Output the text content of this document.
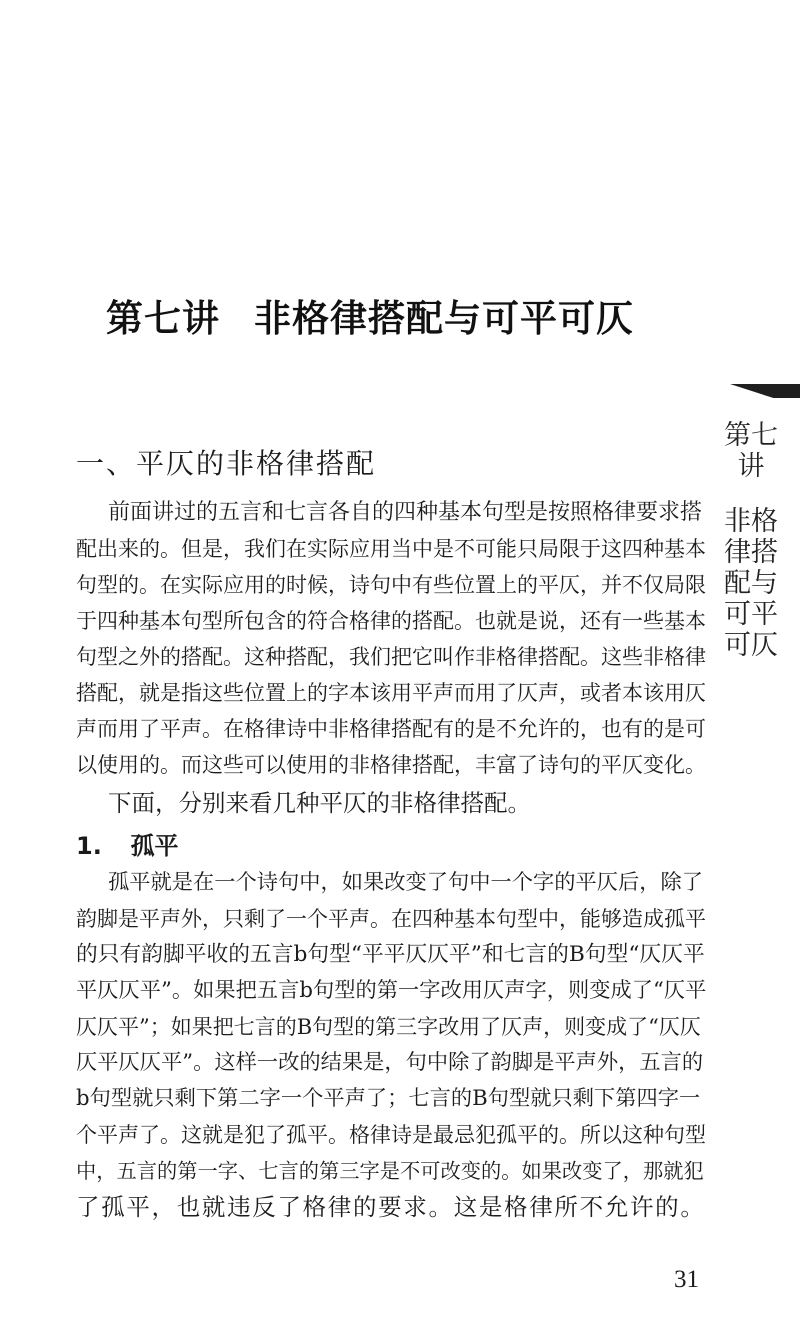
第七讲 非格律搭配与可平可仄
第七讲
非格律搭配与可平可仄
一、平仄的非格律搭配
前面讲过的五言和七言各自的四种基本句型是按照格律要求搭
配出来的。但是，我们在实际应用当中是不可能只局限于这四种基本
句型的。在实际应用的时候，诗句中有些位置上的平仄，并不仅局限
于四种基本句型所包含的符合格律的搭配。也就是说，还有一些基本
句型之外的搭配。这种搭配，我们把它叫作非格律搭配。这些非格律
搭配，就是指这些位置上的字本该用平声而用了仄声，或者本该用仄
声而用了平声。在格律诗中非格律搭配有的是不允许的，也有的是可
以使用的。而这些可以使用的非格律搭配，丰富了诗句的平仄变化。
下面，分别来看几种平仄的非格律搭配。
1. 孤平
孤平就是在一个诗句中，如果改变了句中一个字的平仄后，除了
韵脚是平声外，只剩了一个平声。在四种基本句型中，能够造成孤平
的只有韵脚平收的五言b句型“平平仄仄平”和七言的B句型“仄仄平
平仄仄平”。如果把五言b句型的第一字改用仄声字，则变成了“仄平
仄仄平”；如果把七言的B句型的第三字改用了仄声，则变成了“仄仄
仄平仄仄平”。这样一改的结果是，句中除了韵脚是平声外，五言的
b句型就只剩下第二字一个平声了；七言的B句型就只剩下第四字一
个平声了。这就是犯了孤平。格律诗是最忌犯孤平的。所以这种句型
中，五言的第一字、七言的第三字是不可改变的。如果改变了，那就犯
了孤平，也就违反了格律的要求。这是格律所不允许的。
31
